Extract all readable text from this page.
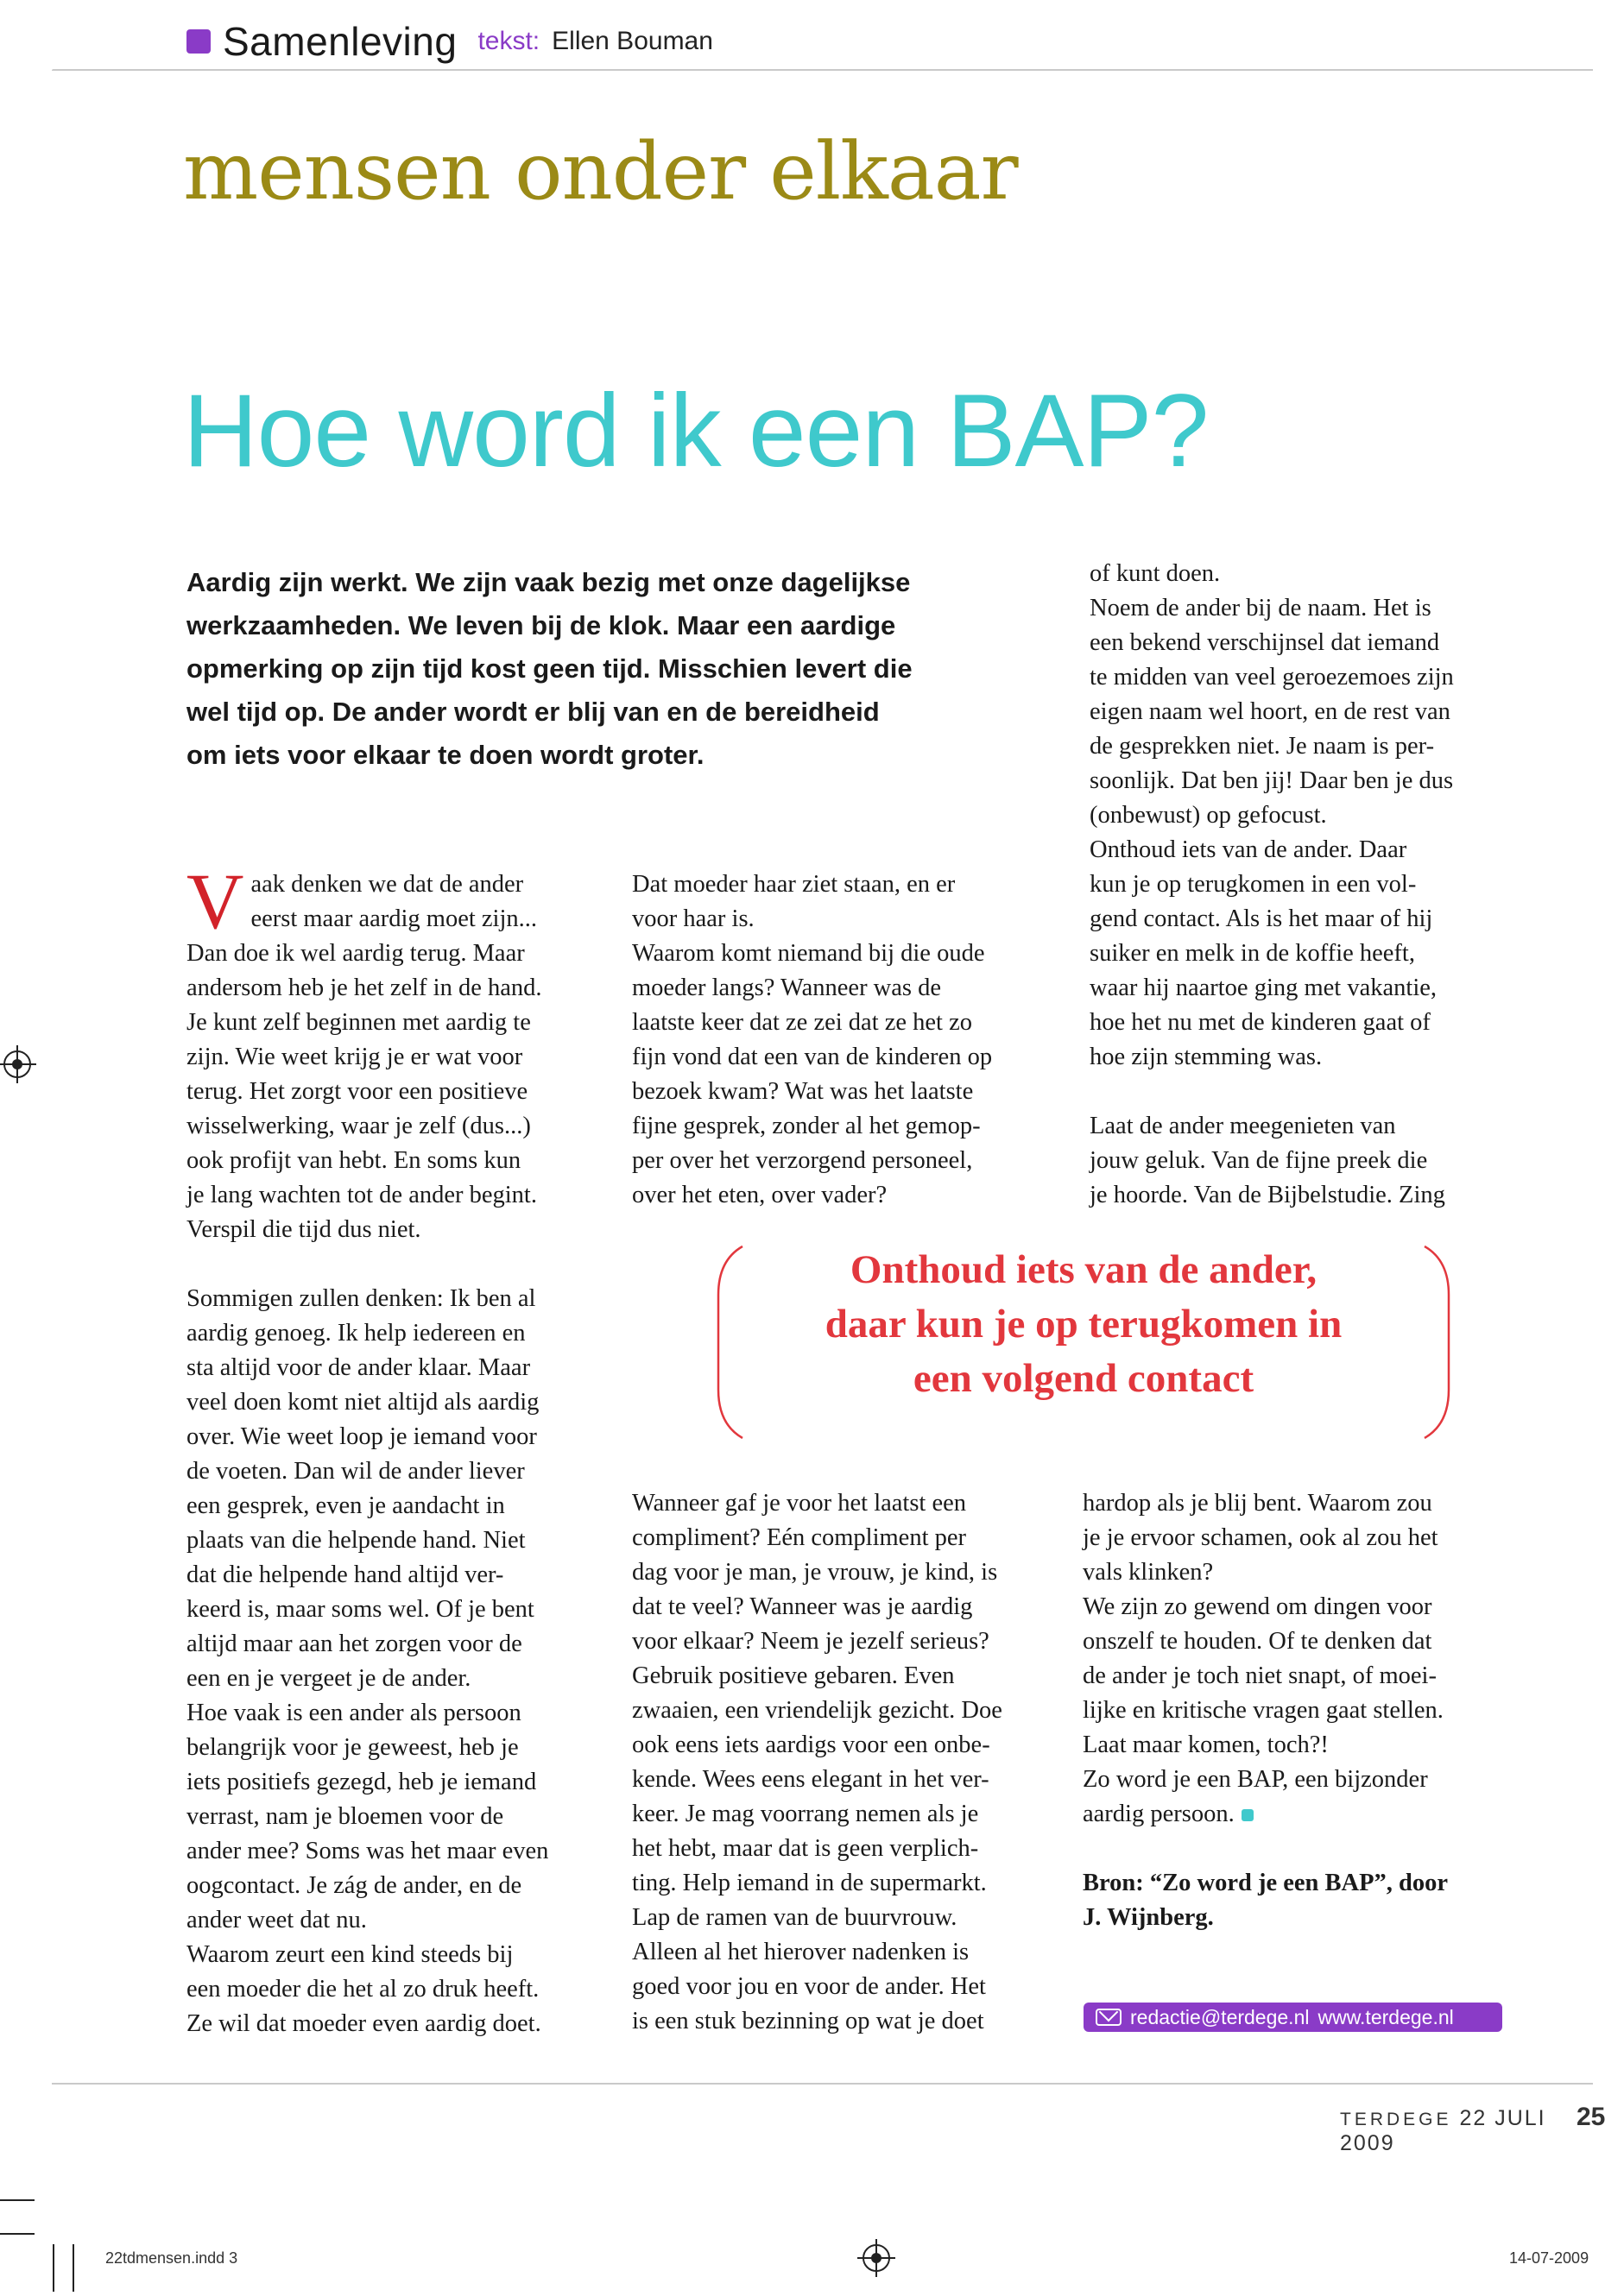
Samenleving tekst: Ellen Bouman
mensen onder elkaar
Hoe word ik een BAP?
Aardig zijn werkt. We zijn vaak bezig met onze dagelijkse
werkzaamheden. We leven bij de klok. Maar een aardige
opmerking op zijn tijd kost geen tijd. Misschien levert die
wel tijd op. De ander wordt er blij van en de bereidheid
om iets voor elkaar te doen wordt groter.
V aak denken we dat de ander
eerst maar aardig moet zijn...
Dan doe ik wel aardig terug. Maar
andersom heb je het zelf in de hand.
Je kunt zelf beginnen met aardig te
zijn. Wie weet krijg je er wat voor
terug. Het zorgt voor een positieve
wisselwerking, waar je zelf (dus...)
ook profijt van hebt. En soms kun
je lang wachten tot de ander begint.
Verspil die tijd dus niet.
Sommigen zullen denken: Ik ben al
aardig genoeg. Ik help iedereen en
sta altijd voor de ander klaar. Maar
veel doen komt niet altijd als aardig
over. Wie weet loop je iemand voor
de voeten. Dan wil de ander liever
een gesprek, even je aandacht in
plaats van die helpende hand. Niet
dat die helpende hand altijd ver-
keerd is, maar soms wel. Of je bent
altijd maar aan het zorgen voor de
een en je vergeet je de ander.
Hoe vaak is een ander als persoon
belangrijk voor je geweest, heb je
iets positiefs gezegd, heb je iemand
verrast, nam je bloemen voor de
ander mee? Soms was het maar even
oogcontact. Je zág de ander, en de
ander weet dat nu.
Waarom zeurt een kind steeds bij
een moeder die het al zo druk heeft.
Ze wil dat moeder even aardig doet.
Dat moeder haar ziet staan, en er
voor haar is.
Waarom komt niemand bij die oude
moeder langs? Wanneer was de
laatste keer dat ze zei dat ze het zo
fijn vond dat een van de kinderen op
bezoek kwam? Wat was het laatste
fijne gesprek, zonder al het gemop-
per over het verzorgend personeel,
over het eten, over vader?
of kunt doen.
Noem de ander bij de naam. Het is
een bekend verschijnsel dat iemand
te midden van veel geroezemoes zijn
eigen naam wel hoort, en de rest van
de gesprekken niet. Je naam is per-
soonlijk. Dat ben jij! Daar ben je dus
(onbewust) op gefocust.
Onthoud iets van de ander. Daar
kun je op terugkomen in een vol-
gend contact. Als is het maar of hij
suiker en melk in de koffie heeft,
waar hij naartoe ging met vakantie,
hoe het nu met de kinderen gaat of
hoe zijn stemming was.
Laat de ander meegenieten van
jouw geluk. Van de fijne preek die
je hoorde. Van de Bijbelstudie. Zing
Onthoud iets van de ander,
daar kun je op terugkomen in
een volgend contact
Wanneer gaf je voor het laatst een
compliment? Eén compliment per
dag voor je man, je vrouw, je kind, is
dat te veel? Wanneer was je aardig
voor elkaar? Neem je jezelf serieus?
Gebruik positieve gebaren. Even
zwaaien, een vriendelijk gezicht. Doe
ook eens iets aardigs voor een onbe-
kende. Wees eens elegant in het ver-
keer. Je mag voorrang nemen als je
het hebt, maar dat is geen verplich-
ting. Help iemand in de supermarkt.
Lap de ramen van de buurvrouw.
Alleen al het hierover nadenken is
goed voor jou en voor de ander. Het
is een stuk bezinning op wat je doet
hardop als je blij bent. Waarom zou
je je ervoor schamen, ook al zou het
vals klinken?
We zijn zo gewend om dingen voor
onszelf te houden. Of te denken dat
de ander je toch niet snapt, of moei-
lijke en kritische vragen gaat stellen.
Laat maar komen, toch?!
Zo word je een BAP, een bijzonder
aardig persoon.
Bron: “Zo word je een BAP”, door
J. Wijnberg.
redactie@terdege.nl www.terdege.nl
TERDEGE 22 JULI 2009
25
22tdmensen.indd 3	14-07-2009
